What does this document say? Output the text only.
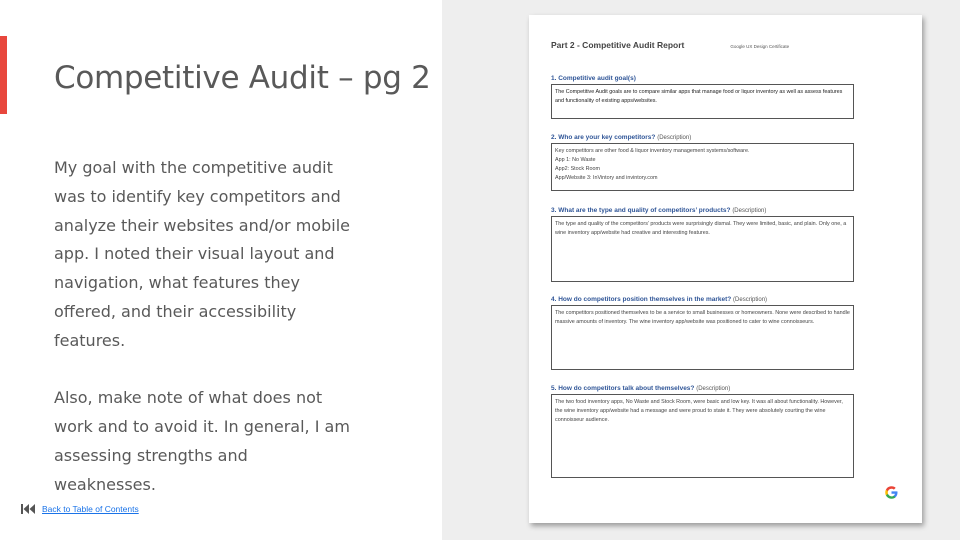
Competitive Audit – pg 2

My goal with the competitive audit was to identify key competitors and analyze their websites and/or mobile app. I noted their visual layout and navigation, what features they offered, and their accessibility features.

Also, make note of what does not work and to avoid it. In general, I am assessing strengths and weaknesses.

Back to Table of Contents
Part 2 - Competitive Audit Report	Google UX Design Certificate
1. Competitive audit goal(s)

The Competitive Audit goals are to compare similar apps that manage food or liquor inventory as well as assess features and functionality of existing apps/websites.

2. Who are your key competitors? (Description)
Key competitors are other food & liquor inventory management systems/software.
App 1: No Waste
App2: Stock Room
App/Website 3: InVintory and invintory.com
3. What are the type and quality of competitors’ products? (Description)

The type and quality of the competitors’ products were surprisingly dismal. They were limited, basic, and plain. Only one, a wine inventory app/website had creative and interesting features.

4. How do competitors position themselves in the market? (Description)

The competitors positioned themselves to be a service to small businesses or homeowners. None were described to handle massive amounts of inventory. The wine inventory app/website was positioned to cater to wine connoisseurs.

5. How do competitors talk about themselves? (Description)

The two food inventory apps, No Waste and Stock Room, were basic and low key. It was all about functionality. However, the wine inventory app/website had a message and were proud to state it. They were absolutely courting the wine connoisseur audience.
